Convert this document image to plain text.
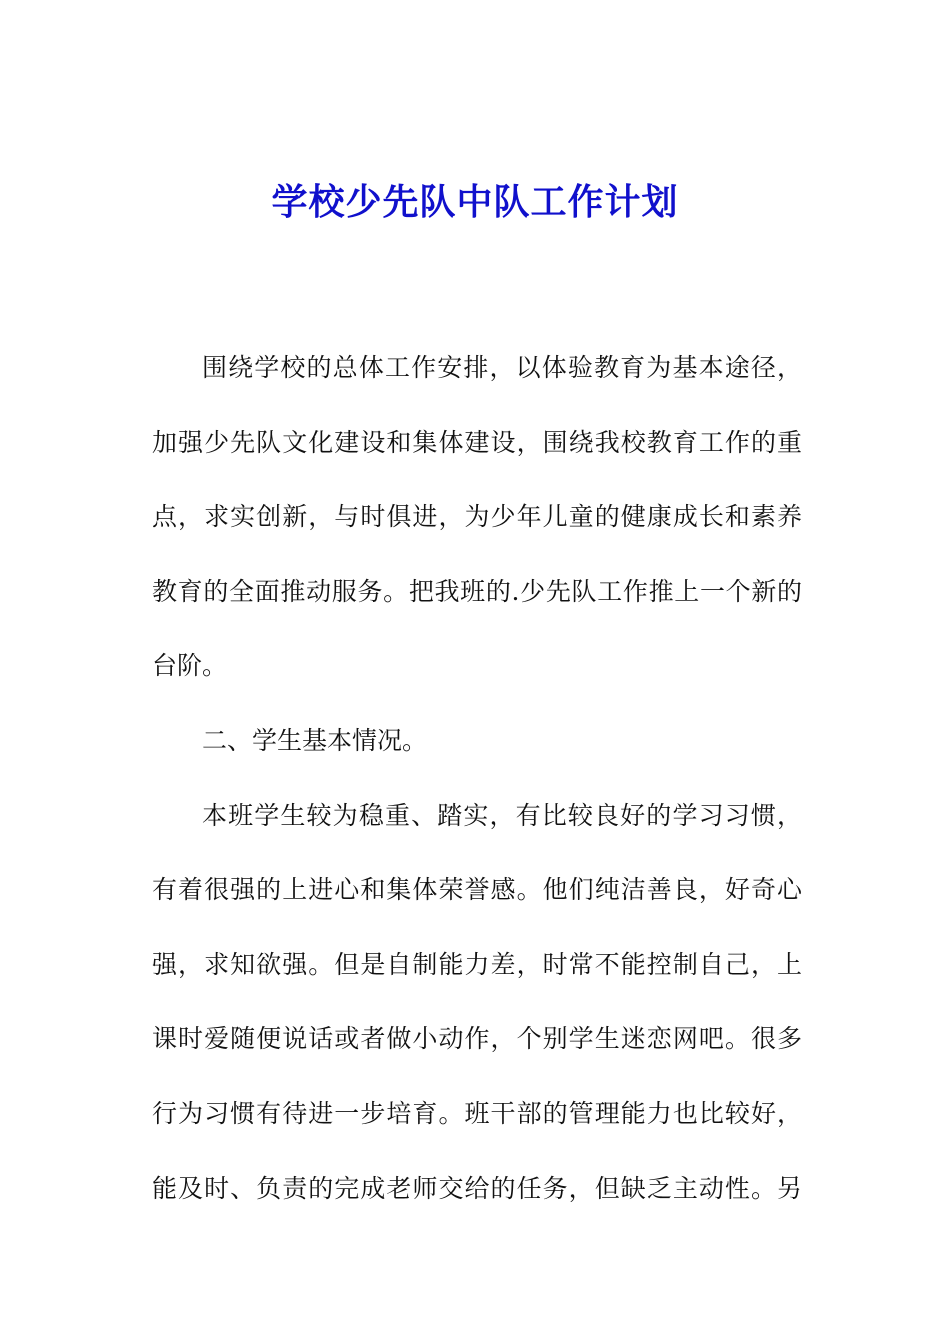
学校少先队中队工作计划
围绕学校的总体工作安排，以体验教育为基本途径，
加强少先队文化建设和集体建设，围绕我校教育工作的重
点，求实创新，与时俱进，为少年儿童的健康成长和素养
教育的全面推动服务。把我班的.少先队工作推上一个新的
台阶。
二、学生基本情况。
本班学生较为稳重、踏实，有比较良好的学习习惯，
有着很强的上进心和集体荣誉感。他们纯洁善良，好奇心
强，求知欲强。但是自制能力差，时常不能控制自己，上
课时爱随便说话或者做小动作，个别学生迷恋网吧。很多
行为习惯有待进一步培育。班干部的管理能力也比较好，
能及时、负责的完成老师交给的任务，但缺乏主动性。另
